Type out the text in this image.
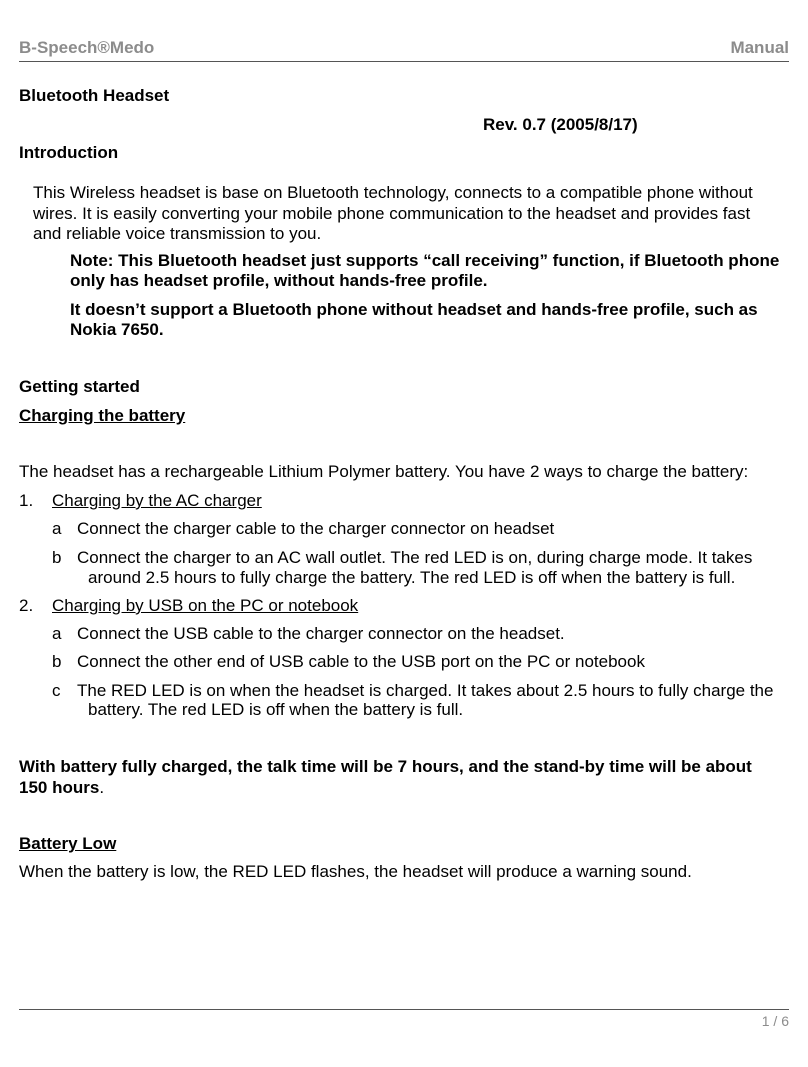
B-Speech®Medo	Manual
Bluetooth Headset
Rev. 0.7 (2005/8/17)
Introduction
This Wireless headset is base on Bluetooth technology, connects to a compatible phone without
wires. It is easily converting your mobile phone communication to the headset and provides fast
and reliable voice transmission to you.
Note: This Bluetooth headset just supports “call receiving” function, if Bluetooth phone
only has headset profile, without hands-free profile.
It doesn’t support a Bluetooth phone without headset and hands-free profile, such as
Nokia 7650.
Getting started
Charging the battery
The headset has a rechargeable Lithium Polymer battery. You have 2 ways to charge the battery:
1. Charging by the AC charger
a Connect the charger cable to the charger connector on headset
b Connect the charger to an AC wall outlet. The red LED is on, during charge mode. It takes
around 2.5 hours to fully charge the battery. The red LED is off when the battery is full.
2. Charging by USB on the PC or notebook
a Connect the USB cable to the charger connector on the headset.
b Connect the other end of USB cable to the USB port on the PC or notebook
c The RED LED is on when the headset is charged. It takes about 2.5 hours to fully charge the
battery. The red LED is off when the battery is full.
With battery fully charged, the talk time will be 7 hours, and the stand-by time will be about
150 hours.
Battery Low
When the battery is low, the RED LED flashes, the headset will produce a warning sound.
1 / 6
